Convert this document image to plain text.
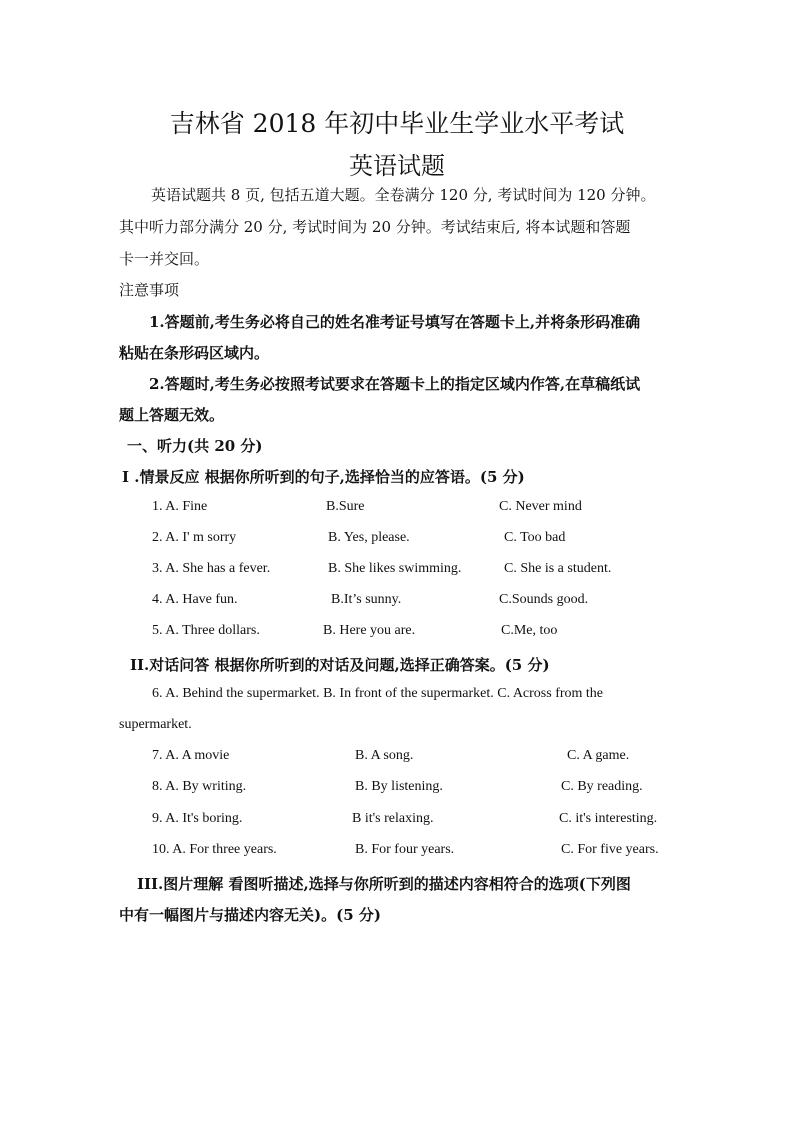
吉林省 2018 年初中毕业生学业水平考试
英语试题
英语试题共 8 页, 包括五道大题。全卷满分 120 分, 考试时间为 120 分钟。
其中听力部分满分 20 分, 考试时间为 20 分钟。考试结束后, 将本试题和答题
卡一并交回。
注意事项
1.答题前,考生务必将自己的姓名准考证号填写在答题卡上,并将条形码准确
粘贴在条形码区域内。
2.答题时,考生务必按照考试要求在答题卡上的指定区域内作答,在草稿纸试
题上答题无效。
一、听力(共 20 分)
I .情景反应 根据你所听到的句子,选择恰当的应答语。(5 分)
1. A. Fine	B.Sure	C. Never mind
2. A. I' m sorry	B. Yes, please.	C. Too bad
3. A. She has a fever.	B. She likes swimming.	C. She is a student.
4. A. Have fun.	B.It’s sunny.	C.Sounds good.
5. A. Three dollars.	B. Here you are.	C.Me, too
II.对话问答 根据你所听到的对话及问题,选择正确答案。(5 分)
6. A. Behind the supermarket. B. In front of the supermarket. C. Across from the
supermarket.
7. A. A movie	B. A song.	C. A game.
8. A. By writing.	B. By listening.	C. By reading.
9. A. It's boring.	B it's relaxing.	C. it's interesting.
10. A. For three years.	B. For four years.	C. For five years.
III.图片理解 看图听描述,选择与你所听到的描述内容相符合的选项(下列图
中有一幅图片与描述内容无关)。(5 分)
